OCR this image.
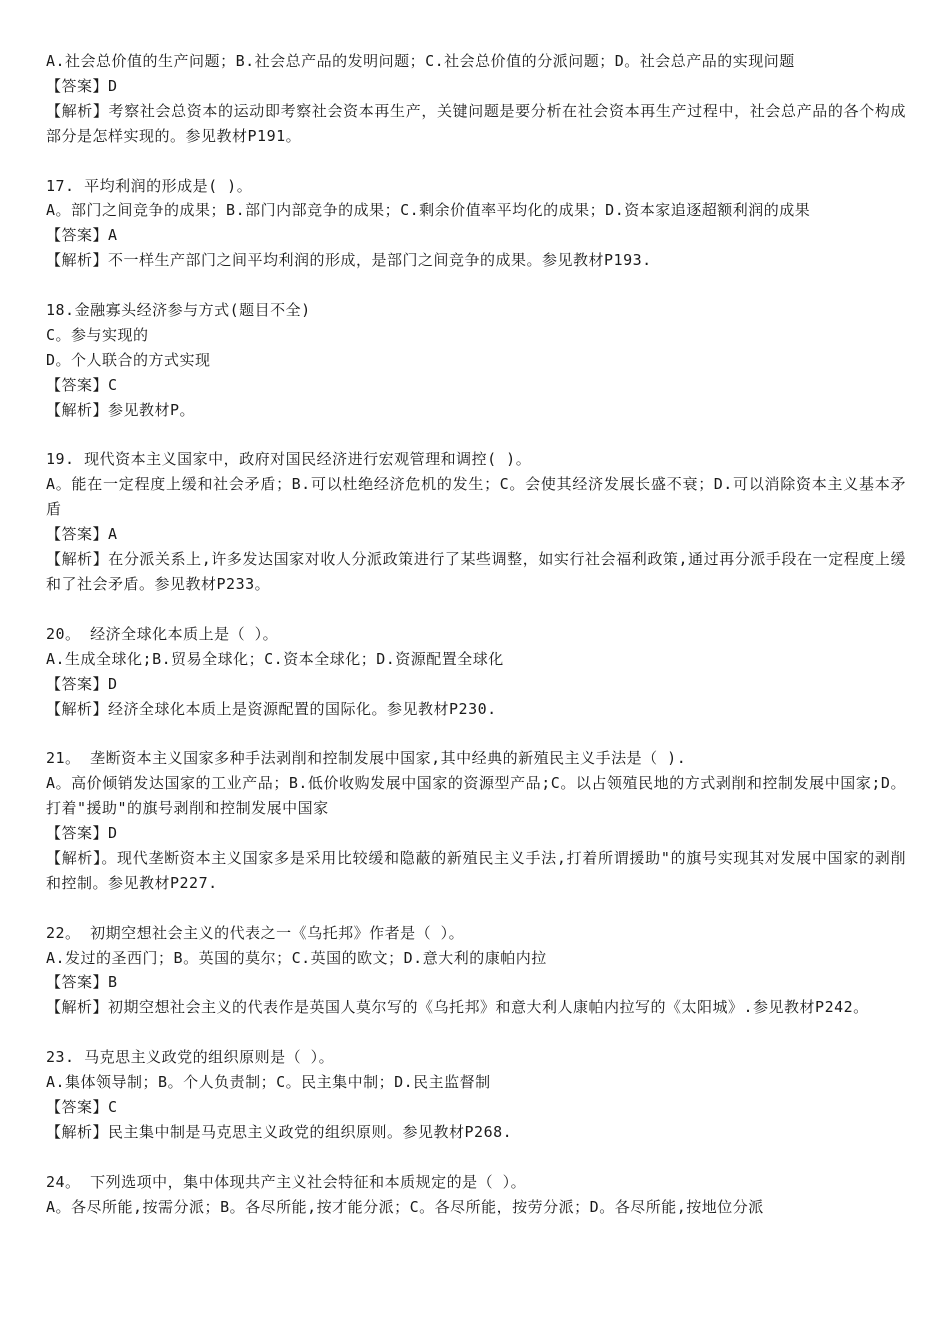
A.社会总价值的生产问题；B.社会总产品的发明问题；C.社会总价值的分派问题；D。社会总产品的实现问题
【答案】D
【解析】考察社会总资本的运动即考察社会资本再生产，关键问题是要分析在社会资本再生产过程中，社会总产品的各个构成部分是怎样实现的。参见教材P191。
17. 平均利润的形成是( )。
A。部门之间竞争的成果；B.部门内部竞争的成果；C.剩余价值率平均化的成果；D.资本家追逐超额利润的成果
【答案】A
【解析】不一样生产部门之间平均利润的形成，是部门之间竞争的成果。参见教材P193.
18.金融寡头经济参与方式(题目不全)
C。参与实现的
D。个人联合的方式实现
【答案】C
【解析】参见教材P。
19. 现代资本主义国家中，政府对国民经济进行宏观管理和调控( )。
A。能在一定程度上缓和社会矛盾；B.可以杜绝经济危机的发生；C。会使其经济发展长盛不衰；D.可以消除资本主义基本矛盾
【答案】A
【解析】在分派关系上,许多发达国家对收人分派政策进行了某些调整，如实行社会福利政策,通过再分派手段在一定程度上缓和了社会矛盾。参见教材P233。
20。 经济全球化本质上是（ ）。
A.生成全球化;B.贸易全球化；C.资本全球化；D.资源配置全球化
【答案】D
【解析】经济全球化本质上是资源配置的国际化。参见教材P230.
21。 垄断资本主义国家多种手法剥削和控制发展中国家,其中经典的新殖民主义手法是（ ).
A。高价倾销发达国家的工业产品；B.低价收购发展中国家的资源型产品;C。以占领殖民地的方式剥削和控制发展中国家;D。打着"援助"的旗号剥削和控制发展中国家
【答案】D
【解析】。现代垄断资本主义国家多是采用比较缓和隐蔽的新殖民主义手法,打着所谓援助"的旗号实现其对发展中国家的剥削和控制。参见教材P227.
22。 初期空想社会主义的代表之一《乌托邦》作者是（ ）。
A.发过的圣西门；B。英国的莫尔；C.英国的欧文；D.意大利的康帕内拉
【答案】B
【解析】初期空想社会主义的代表作是英国人莫尔写的《乌托邦》和意大利人康帕内拉写的《太阳城》.参见教材P242。
23. 马克思主义政党的组织原则是（ ）。
A.集体领导制；B。个人负责制；C。民主集中制；D.民主监督制
【答案】C
【解析】民主集中制是马克思主义政党的组织原则。参见教材P268.
24。 下列选项中，集中体现共产主义社会特征和本质规定的是（ ）。
A。各尽所能,按需分派；B。各尽所能,按才能分派；C。各尽所能，按劳分派；D。各尽所能,按地位分派
